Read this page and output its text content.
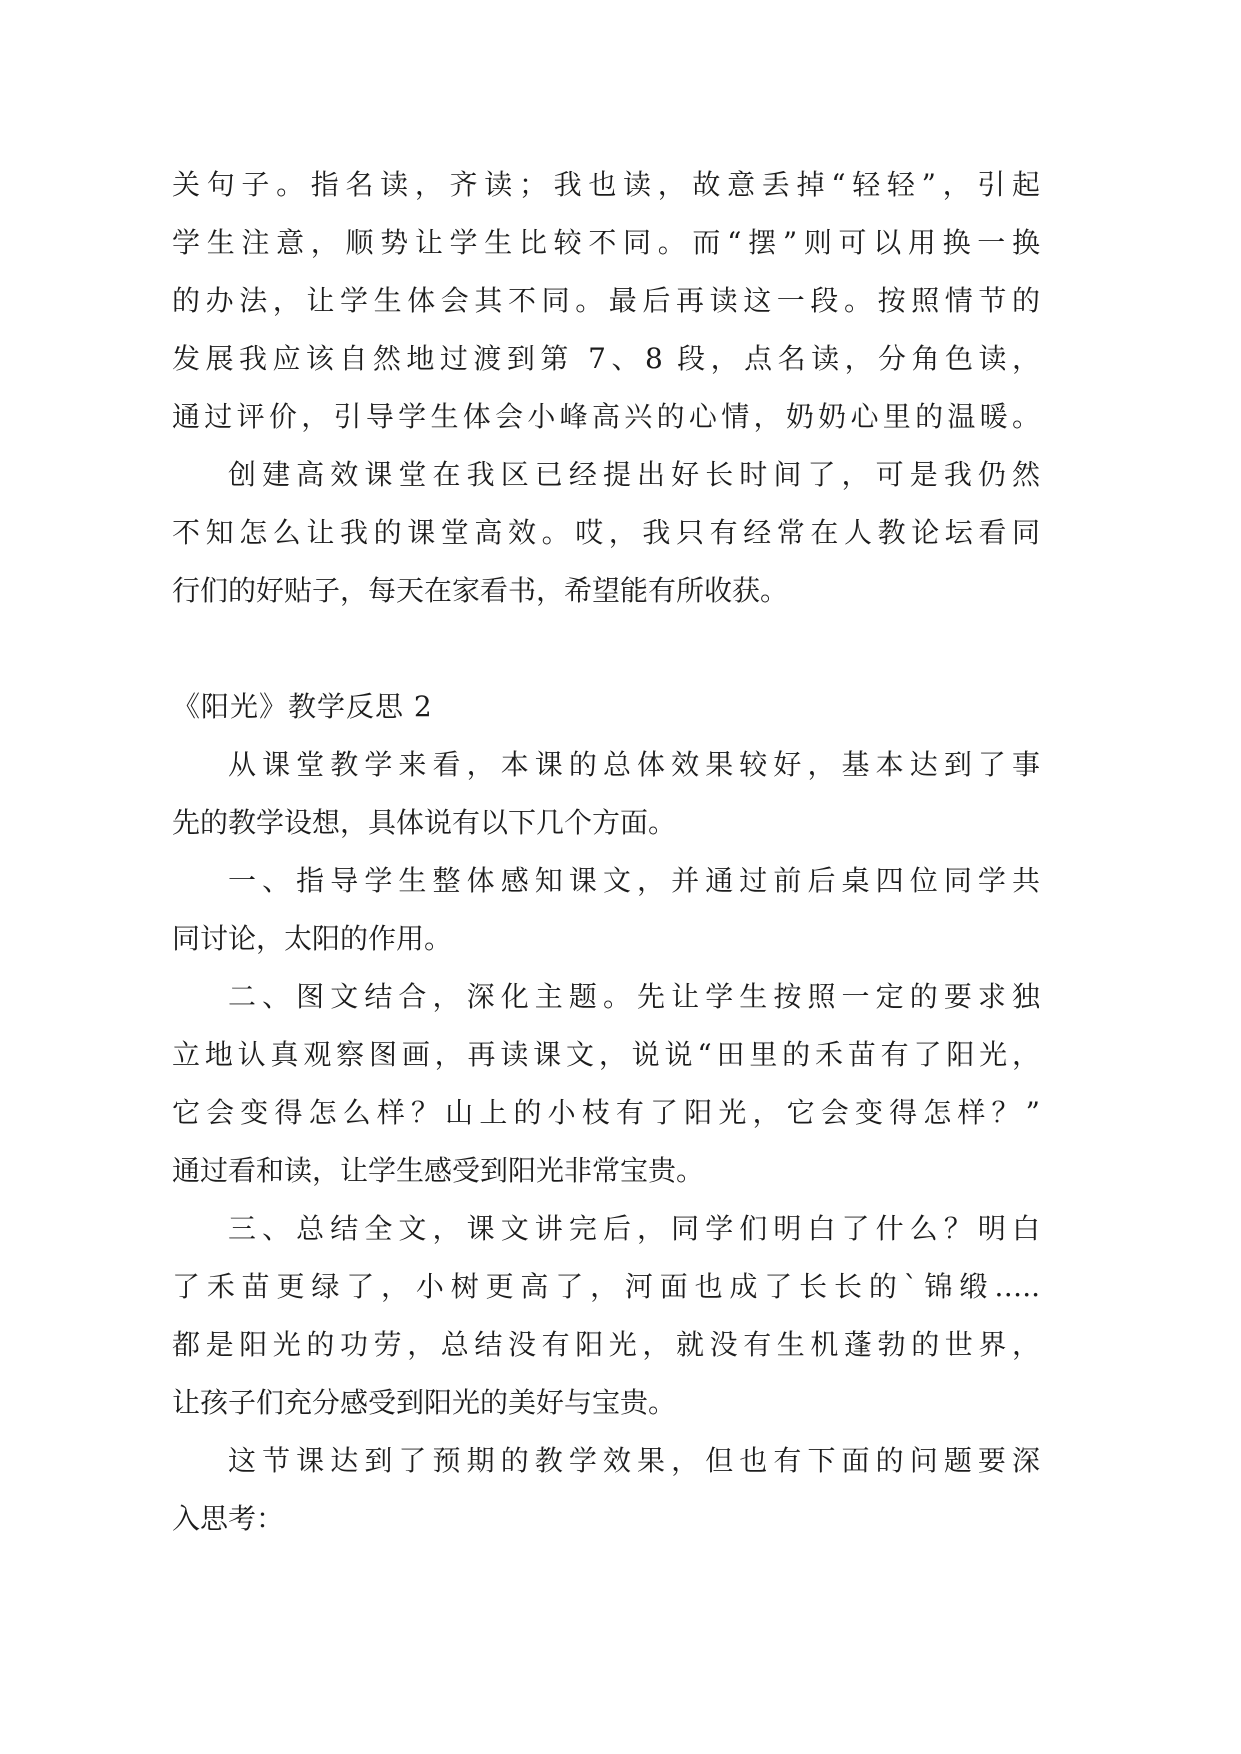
关句子。指名读，齐读；我也读，故意丢掉“轻轻”，引起
学生注意，顺势让学生比较不同。而“摆”则可以用换一换
的办法，让学生体会其不同。最后再读这一段。按照情节的
发展我应该自然地过渡到第 7、8 段，点名读，分角色读，
通过评价，引导学生体会小峰高兴的心情，奶奶心里的温暖。
创建高效课堂在我区已经提出好长时间了，可是我仍然
不知怎么让我的课堂高效。哎，我只有经常在人教论坛看同
行们的好贴子，每天在家看书，希望能有所收获。
《阳光》教学反思 2
从课堂教学来看，本课的总体效果较好，基本达到了事
先的教学设想，具体说有以下几个方面。
一、指导学生整体感知课文，并通过前后桌四位同学共
同讨论，太阳的作用。
二、图文结合，深化主题。先让学生按照一定的要求独
立地认真观察图画，再读课文，说说“田里的禾苗有了阳光，
它会变得怎么样？山上的小枝有了阳光，它会变得怎样？”
通过看和读，让学生感受到阳光非常宝贵。
三、总结全文，课文讲完后，同学们明白了什么？明白
了禾苗更绿了，小树更高了，河面也成了长长的`锦缎…..
都是阳光的功劳，总结没有阳光，就没有生机蓬勃的世界，
让孩子们充分感受到阳光的美好与宝贵。
这节课达到了预期的教学效果，但也有下面的问题要深
入思考：
